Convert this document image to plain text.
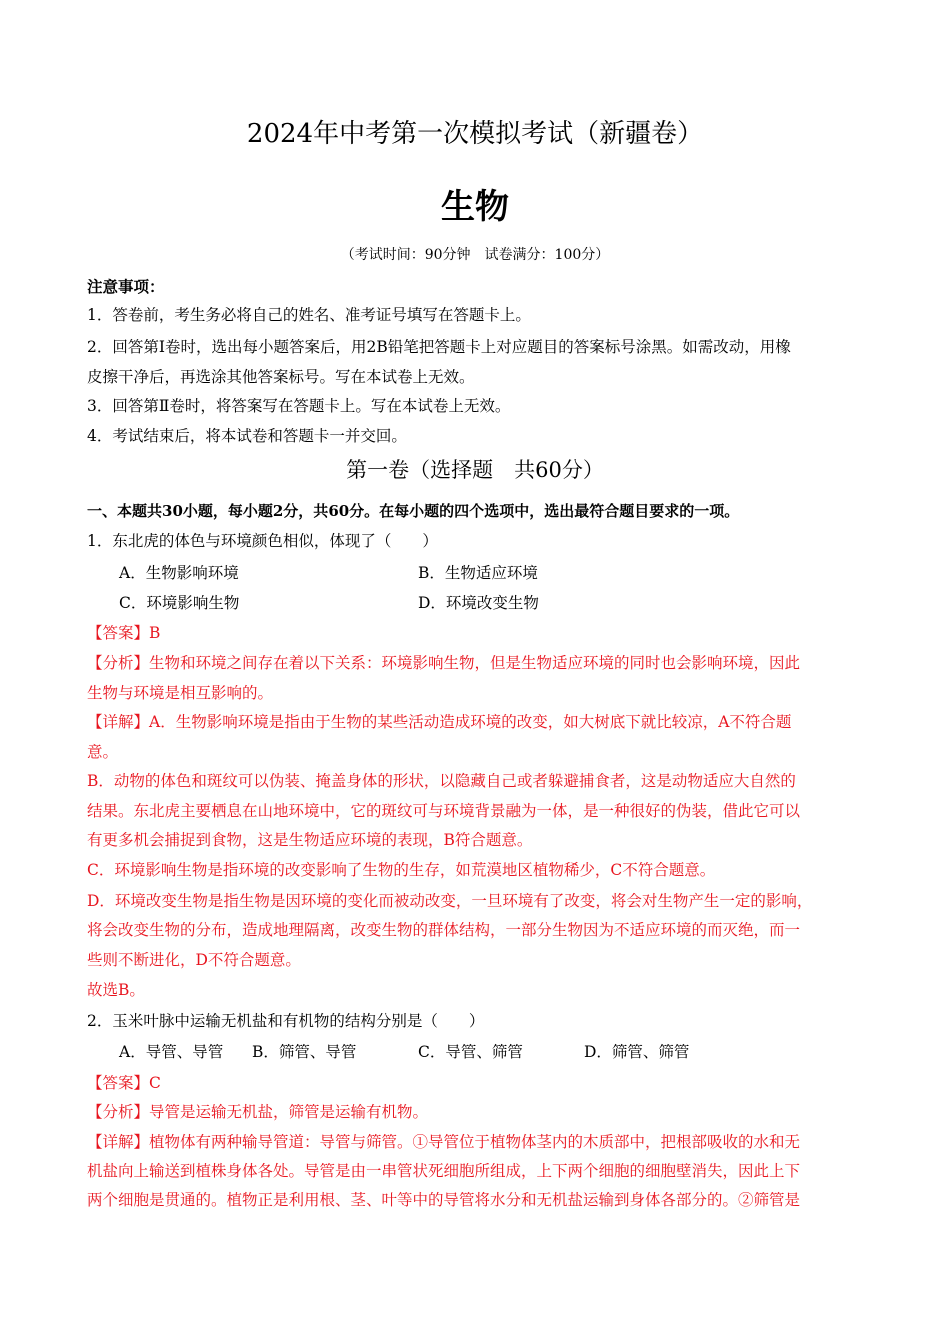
2024年中考第一次模拟考试（新疆卷）
生物
（考试时间：90分钟　试卷满分：100分）
注意事项：
1．答卷前，考生务必将自己的姓名、准考证号填写在答题卡上。
2．回答第Ⅰ卷时，选出每小题答案后，用2B铅笔把答题卡上对应题目的答案标号涂黑。如需改动，用橡
皮擦干净后，再选涂其他答案标号。写在本试卷上无效。
3．回答第Ⅱ卷时，将答案写在答题卡上。写在本试卷上无效。
4．考试结束后，将本试卷和答题卡一并交回。
第一卷（选择题　共60分）
一、本题共30小题，每小题2分，共60分。在每小题的四个选项中，选出最符合题目要求的一项。
1．东北虎的体色与环境颜色相似，体现了（　　）
A．生物影响环境	B．生物适应环境
C．环境影响生物	D．环境改变生物
【答案】B
【分析】生物和环境之间存在着以下关系：环境影响生物，但是生物适应环境的同时也会影响环境，因此
生物与环境是相互影响的。
【详解】A．生物影响环境是指由于生物的某些活动造成环境的改变，如大树底下就比较凉，A不符合题
意。
B．动物的体色和斑纹可以伪装、掩盖身体的形状，以隐藏自己或者躲避捕食者，这是动物适应大自然的
结果。东北虎主要栖息在山地环境中，它的斑纹可与环境背景融为一体，是一种很好的伪装，借此它可以
有更多机会捕捉到食物，这是生物适应环境的表现，B符合题意。
C．环境影响生物是指环境的改变影响了生物的生存，如荒漠地区植物稀少，C不符合题意。
D．环境改变生物是指生物是因环境的变化而被动改变，一旦环境有了改变，将会对生物产生一定的影响，
将会改变生物的分布，造成地理隔离，改变生物的群体结构，一部分生物因为不适应环境的而灭绝，而一
些则不断进化，D不符合题意。
故选B。
2．玉米叶脉中运输无机盐和有机物的结构分别是（　　）
A．导管、导管 B．筛管、导管	C．导管、筛管	D．筛管、筛管
【答案】C
【分析】导管是运输无机盐，筛管是运输有机物。
【详解】植物体有两种输导管道：导管与筛管。①导管位于植物体茎内的木质部中，把根部吸收的水和无
机盐向上输送到植株身体各处。导管是由一串管状死细胞所组成，上下两个细胞的细胞壁消失，因此上下
两个细胞是贯通的。植物正是利用根、茎、叶等中的导管将水分和无机盐运输到身体各部分的。②筛管是
